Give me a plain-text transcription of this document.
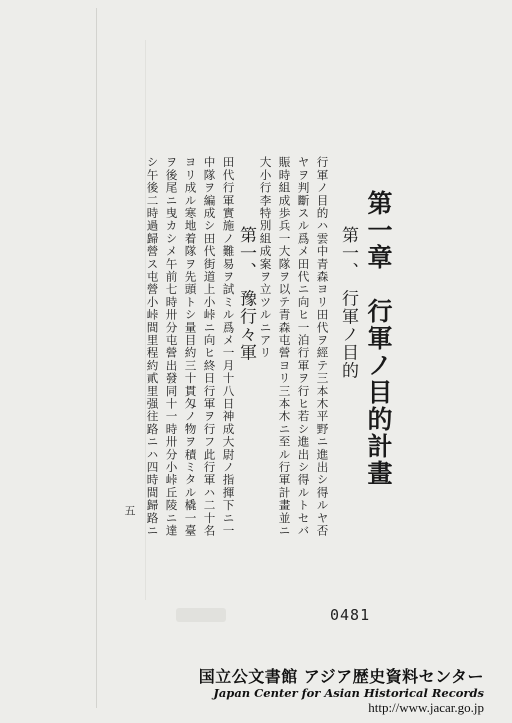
第一章　行軍ノ目的計畫
第一、　行軍ノ目的
行軍ノ目的ハ雲中青森ヨリ田代ヲ經テ三本木平野ニ進出シ得ルヤ否
ヤヲ判斷スル爲メ田代ニ向ヒ一泊行軍ヲ行ヒ若シ進出シ得ルトセバ
賑時組成歩兵一大隊ヲ以テ青森屯營ヨリ三本木ニ至ル行軍計畫並ニ
大小行李特別組成案ヲ立ツルニアリ
第一、　豫行々軍
田代行軍實施ノ難易ヲ試ミル爲メ一月十八日神成大尉ノ指揮下ニ一
中隊ヲ編成シ田代街道上小峠ニ向ヒ終日行軍ヲ行フ此行軍ハ二十名
ヨリ成ル寒地着隊ヲ先頭トシ量目約三十貫匁ノ物ヲ積ミタル橇一臺
ヲ後尾ニ曳カシメ午前七時卅分屯營出發同十一時卅分小峠丘陵ニ達
シ午後二時過歸營ス屯營小峠間里程約貳里强往路ニハ四時間歸路ニ
五
0481
国立公文書館 アジア歴史資料センター
Japan Center for Asian Historical Records
http://www.jacar.go.jp
